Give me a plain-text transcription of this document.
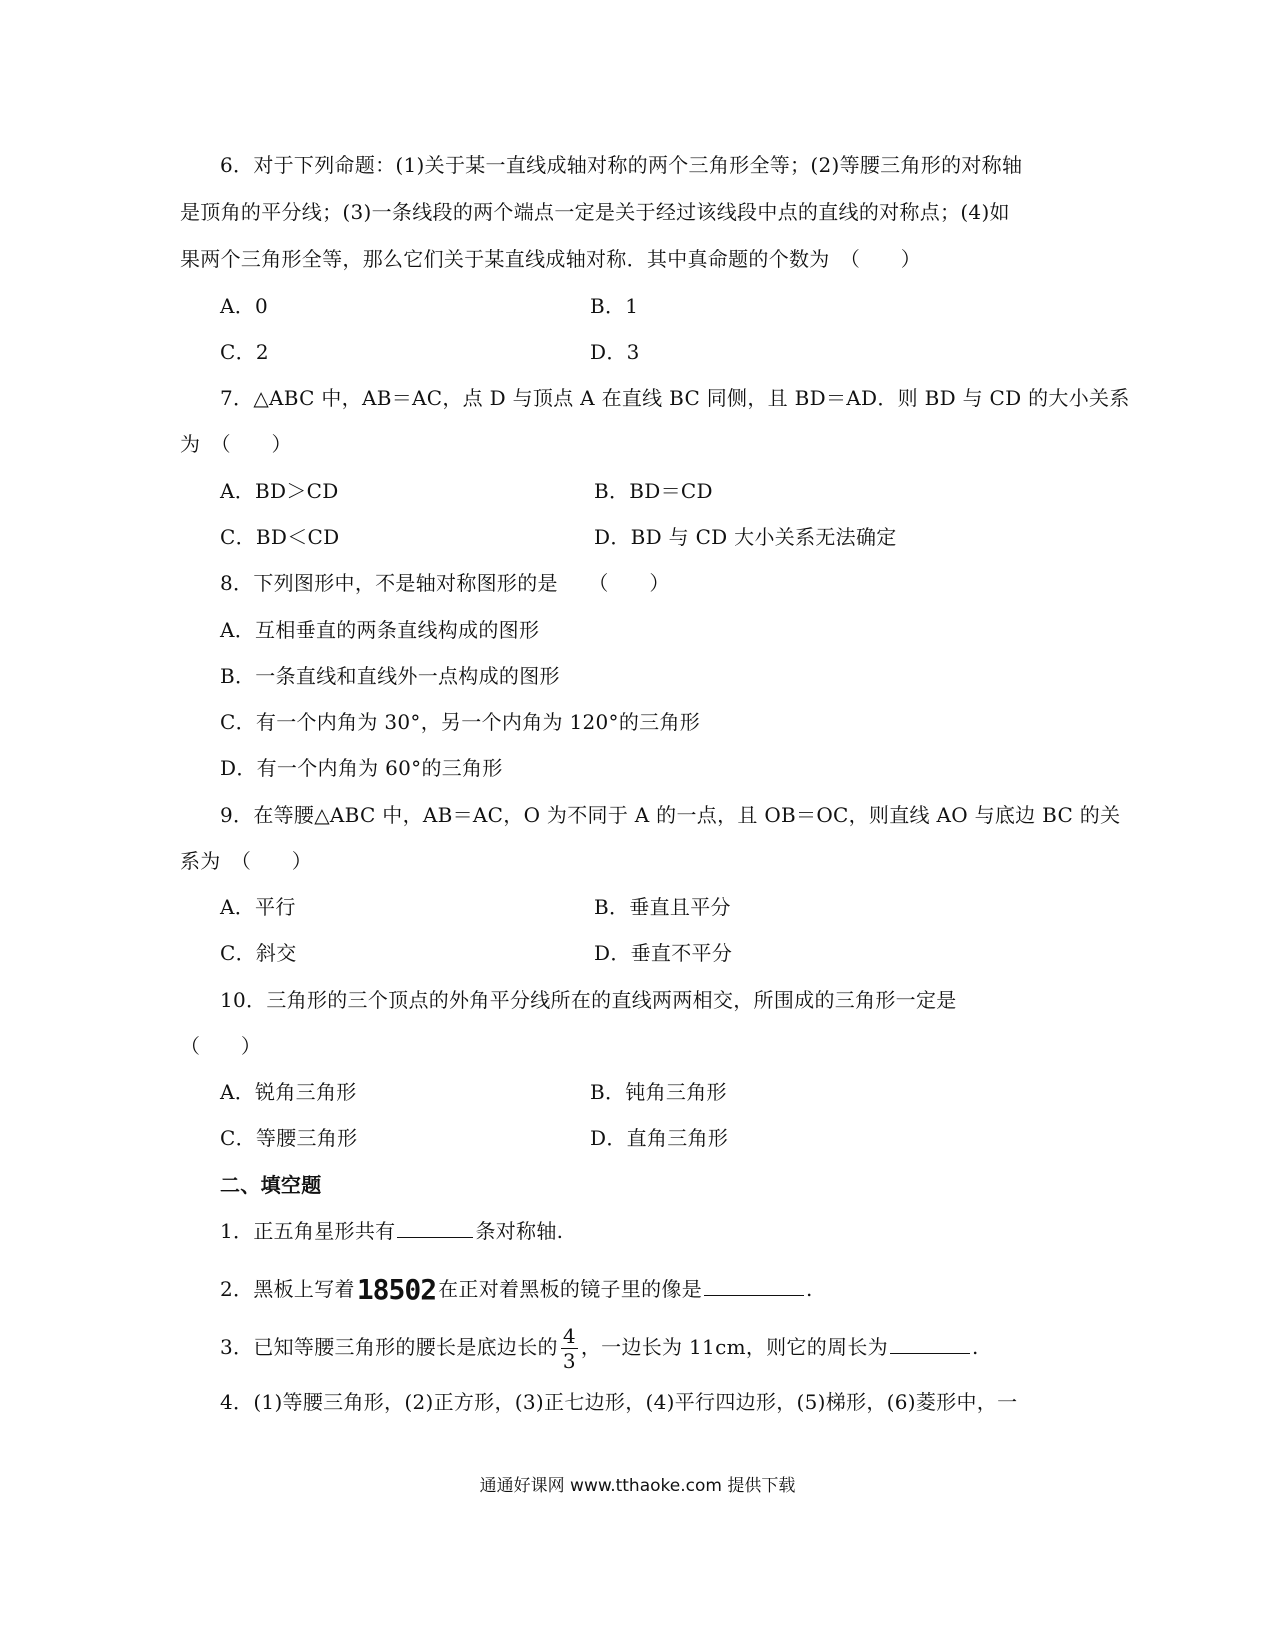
6．对于下列命题：(1)关于某一直线成轴对称的两个三角形全等；(2)等腰三角形的对称轴
是顶角的平分线；(3)一条线段的两个端点一定是关于经过该线段中点的直线的对称点；(4)如
果两个三角形全等，那么它们关于某直线成轴对称．其中真命题的个数为　（　　）
A．0	B．1
C．2	D．3
7．△ABC 中，AB＝AC，点 D 与顶点 A 在直线 BC 同侧，且 BD＝AD．则 BD 与 CD 的大小关系
为　（　　）
A．BD＞CD	B．BD＝CD
C．BD＜CD	D．BD 与 CD 大小关系无法确定
8．下列图形中，不是轴对称图形的是　　（　　）
A．互相垂直的两条直线构成的图形
B．一条直线和直线外一点构成的图形
C．有一个内角为 30°，另一个内角为 120°的三角形
D．有一个内角为 60°的三角形
9．在等腰△ABC 中，AB＝AC，O 为不同于 A 的一点，且 OB＝OC，则直线 AO 与底边 BC 的关
系为　（　　）
A．平行	B．垂直且平分
C．斜交	D．垂直不平分
10．三角形的三个顶点的外角平分线所在的直线两两相交，所围成的三角形一定是
（　　）
A．锐角三角形	B．钝角三角形
C．等腰三角形	D．直角三角形
二、填空题
1．正五角星形共有	条对称轴.
2．黑板上写着18502 在正对着黑板的镜子里的像是	.
3．已知等腰三角形的腰长是底边长的 $\frac{4}{3}$ ，一边长为 11cm，则它的周长为	.
4．(1)等腰三角形，(2)正方形，(3)正七边形，(4)平行四边形，(5)梯形，(6)菱形中，一
通通好课网 www.tthaoke.com 提供下载
